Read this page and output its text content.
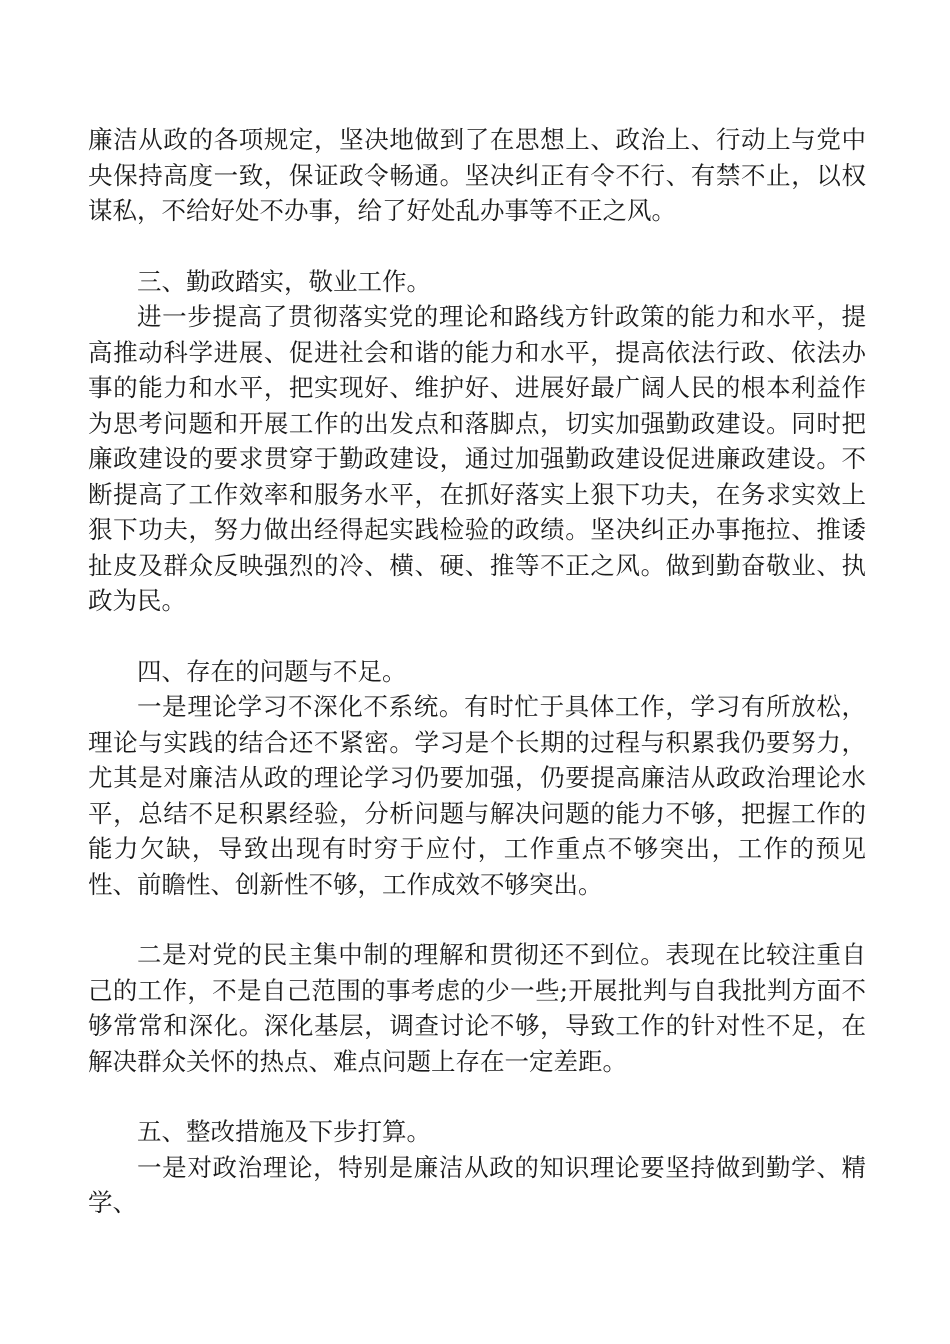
廉洁从政的各项规定，坚决地做到了在思想上、政治上、行动上与党中央保持高度一致，保证政令畅通。坚决纠正有令不行、有禁不止，以权谋私，不给好处不办事，给了好处乱办事等不正之风。

三、勤政踏实，敬业工作。

进一步提高了贯彻落实党的理论和路线方针政策的能力和水平，提高推动科学进展、促进社会和谐的能力和水平，提高依法行政、依法办事的能力和水平，把实现好、维护好、进展好最广阔人民的根本利益作为思考问题和开展工作的出发点和落脚点，切实加强勤政建设。同时把廉政建设的要求贯穿于勤政建设，通过加强勤政建设促进廉政建设。不断提高了工作效率和服务水平，在抓好落实上狠下功夫，在务求实效上狠下功夫，努力做出经得起实践检验的政绩。坚决纠正办事拖拉、推诿扯皮及群众反映强烈的冷、横、硬、推等不正之风。做到勤奋敬业、执政为民。

四、存在的问题与不足。

一是理论学习不深化不系统。有时忙于具体工作，学习有所放松，理论与实践的结合还不紧密。学习是个长期的过程与积累我仍要努力，尤其是对廉洁从政的理论学习仍要加强，仍要提高廉洁从政政治理论水平，总结不足积累经验，分析问题与解决问题的能力不够，把握工作的能力欠缺，导致出现有时穷于应付，工作重点不够突出，工作的预见性、前瞻性、创新性不够，工作成效不够突出。

二是对党的民主集中制的理解和贯彻还不到位。表现在比较注重自己的工作，不是自己范围的事考虑的少一些;开展批判与自我批判方面不够常常和深化。深化基层，调查讨论不够，导致工作的针对性不足，在解决群众关怀的热点、难点问题上存在一定差距。

五、整改措施及下步打算。

一是对政治理论，特别是廉洁从政的知识理论要坚持做到勤学、精学、
